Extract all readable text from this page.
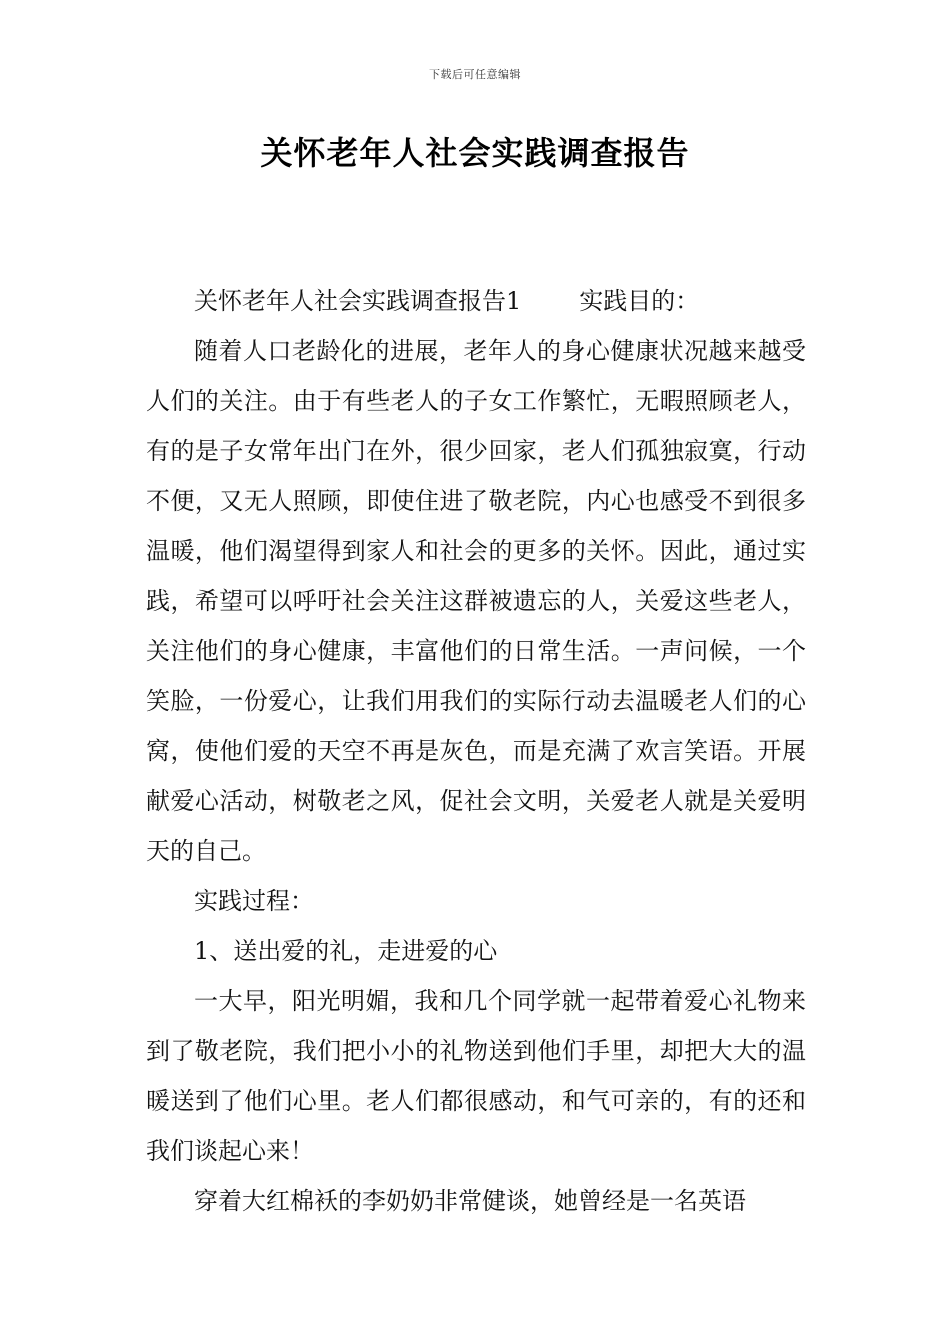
下载后可任意编辑
关怀老年人社会实践调查报告

关怀老年人社会实践调查报告1 实践目的：

随着人口老龄化的进展，老年人的身心健康状况越来越受人们的关注。由于有些老人的子女工作繁忙，无暇照顾老人，有的是子女常年出门在外，很少回家，老人们孤独寂寞，行动不便，又无人照顾，即使住进了敬老院，内心也感受不到很多温暖，他们渴望得到家人和社会的更多的关怀。因此，通过实践，希望可以呼吁社会关注这群被遗忘的人，关爱这些老人，关注他们的身心健康，丰富他们的日常生活。一声问候，一个笑脸，一份爱心，让我们用我们的实际行动去温暖老人们的心窝，使他们爱的天空不再是灰色，而是充满了欢言笑语。开展献爱心活动，树敬老之风，促社会文明，关爱老人就是关爱明天的自己。

实践过程：

1、送出爱的礼，走进爱的心

一大早，阳光明媚，我和几个同学就一起带着爱心礼物来到了敬老院，我们把小小的礼物送到他们手里，却把大大的温暖送到了他们心里。老人们都很感动，和气可亲的，有的还和我们谈起心来！

穿着大红棉袄的李奶奶非常健谈，她曾经是一名英语
